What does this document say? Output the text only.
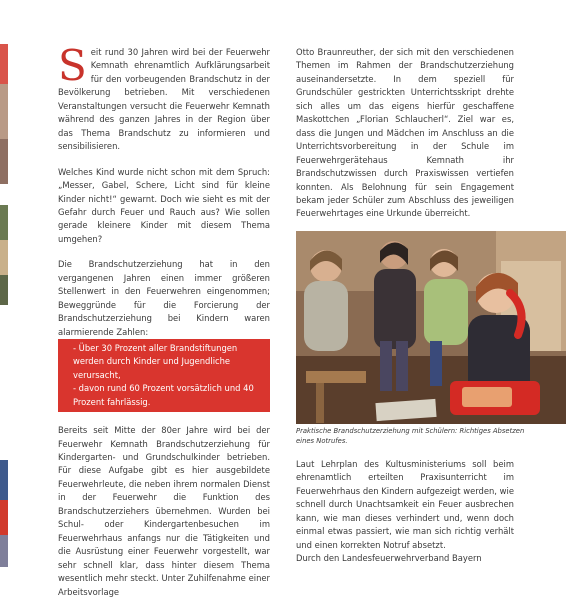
Seit rund 30 Jahren wird bei der Feuerwehr Kemnath ehrenamtlich Aufklärungsarbeit für den vorbeugenden Brandschutz in der Bevölkerung betrieben. Mit verschiedenen Veranstaltungen versucht die Feuerwehr Kemnath während des ganzen Jahres in der Region über das Thema Brandschutz zu informieren und sensibilisieren.

Welches Kind wurde nicht schon mit dem Spruch: „Messer, Gabel, Schere, Licht sind für kleine Kinder nicht!“ gewarnt. Doch wie sieht es mit der Gefahr durch Feuer und Rauch aus? Wie sollen gerade kleinere Kinder mit diesem Thema umgehen?

Die Brandschutzerziehung hat in den vergangenen Jahren einen immer größeren Stellenwert in den Feuerwehren eingenommen; Beweggründe für die Forcierung der Brandschutzerziehung bei Kindern waren alarmierende Zahlen:

- Über 30 Prozent aller Brandstiftungen werden durch Kinder und Jugendliche verursacht,
- davon rund 60 Prozent vorsätzlich und 40 Prozent fahrlässig.

Bereits seit Mitte der 80er Jahre wird bei der Feuerwehr Kemnath Brandschutzerziehung für Kindergarten- und Grundschulkinder betrieben. Für diese Aufgabe gibt es hier ausgebildete Feuerwehrleute, die neben ihrem normalen Dienst in der Feuerwehr die Funktion des Brandschutzerziehers übernehmen. Wurden bei Schul- oder Kindergartenbesuchen im Feuerwehrhaus anfangs nur die Tätigkeiten und die Ausrüstung einer Feuerwehr vorgestellt, war sehr schnell klar, dass hinter diesem Thema wesentlich mehr steckt. Unter Zuhilfenahme einer Arbeitsvorlage

Otto Braunreuther, der sich mit den verschiedenen Themen im Rahmen der Brandschutzerziehung auseinandersetzte. In dem speziell für Grundschüler gestrickten Unterrichtsskript drehte sich alles um das eigens hierfür geschaffene Maskottchen „Florian Schlaucherl“. Ziel war es, dass die Jungen und Mädchen im Anschluss an die Unterrichtsvorbereitung in der Schule im Feuerwehrgerätehaus Kemnath ihr Brandschutzwissen durch Praxiswissen vertiefen konnten. Als Belohnung für sein Engagement bekam jeder Schüler zum Abschluss des jeweiligen Feuerwehrtages eine Urkunde überreicht.

Praktische Brandschutzerziehung mit Schülern: Richtiges Absetzen eines Notrufes.

Laut Lehrplan des Kultusministeriums soll beim ehrenamtlich erteilten Praxisunterricht im Feuerwehrhaus den Kindern aufgezeigt werden, wie schnell durch Unachtsamkeit ein Feuer ausbrechen kann, wie man dieses verhindert und, wenn doch einmal etwas passiert, wie man sich richtig verhält und einen korrekten Notruf absetzt.

Durch den Landesfeuerwehrverband Bayern
